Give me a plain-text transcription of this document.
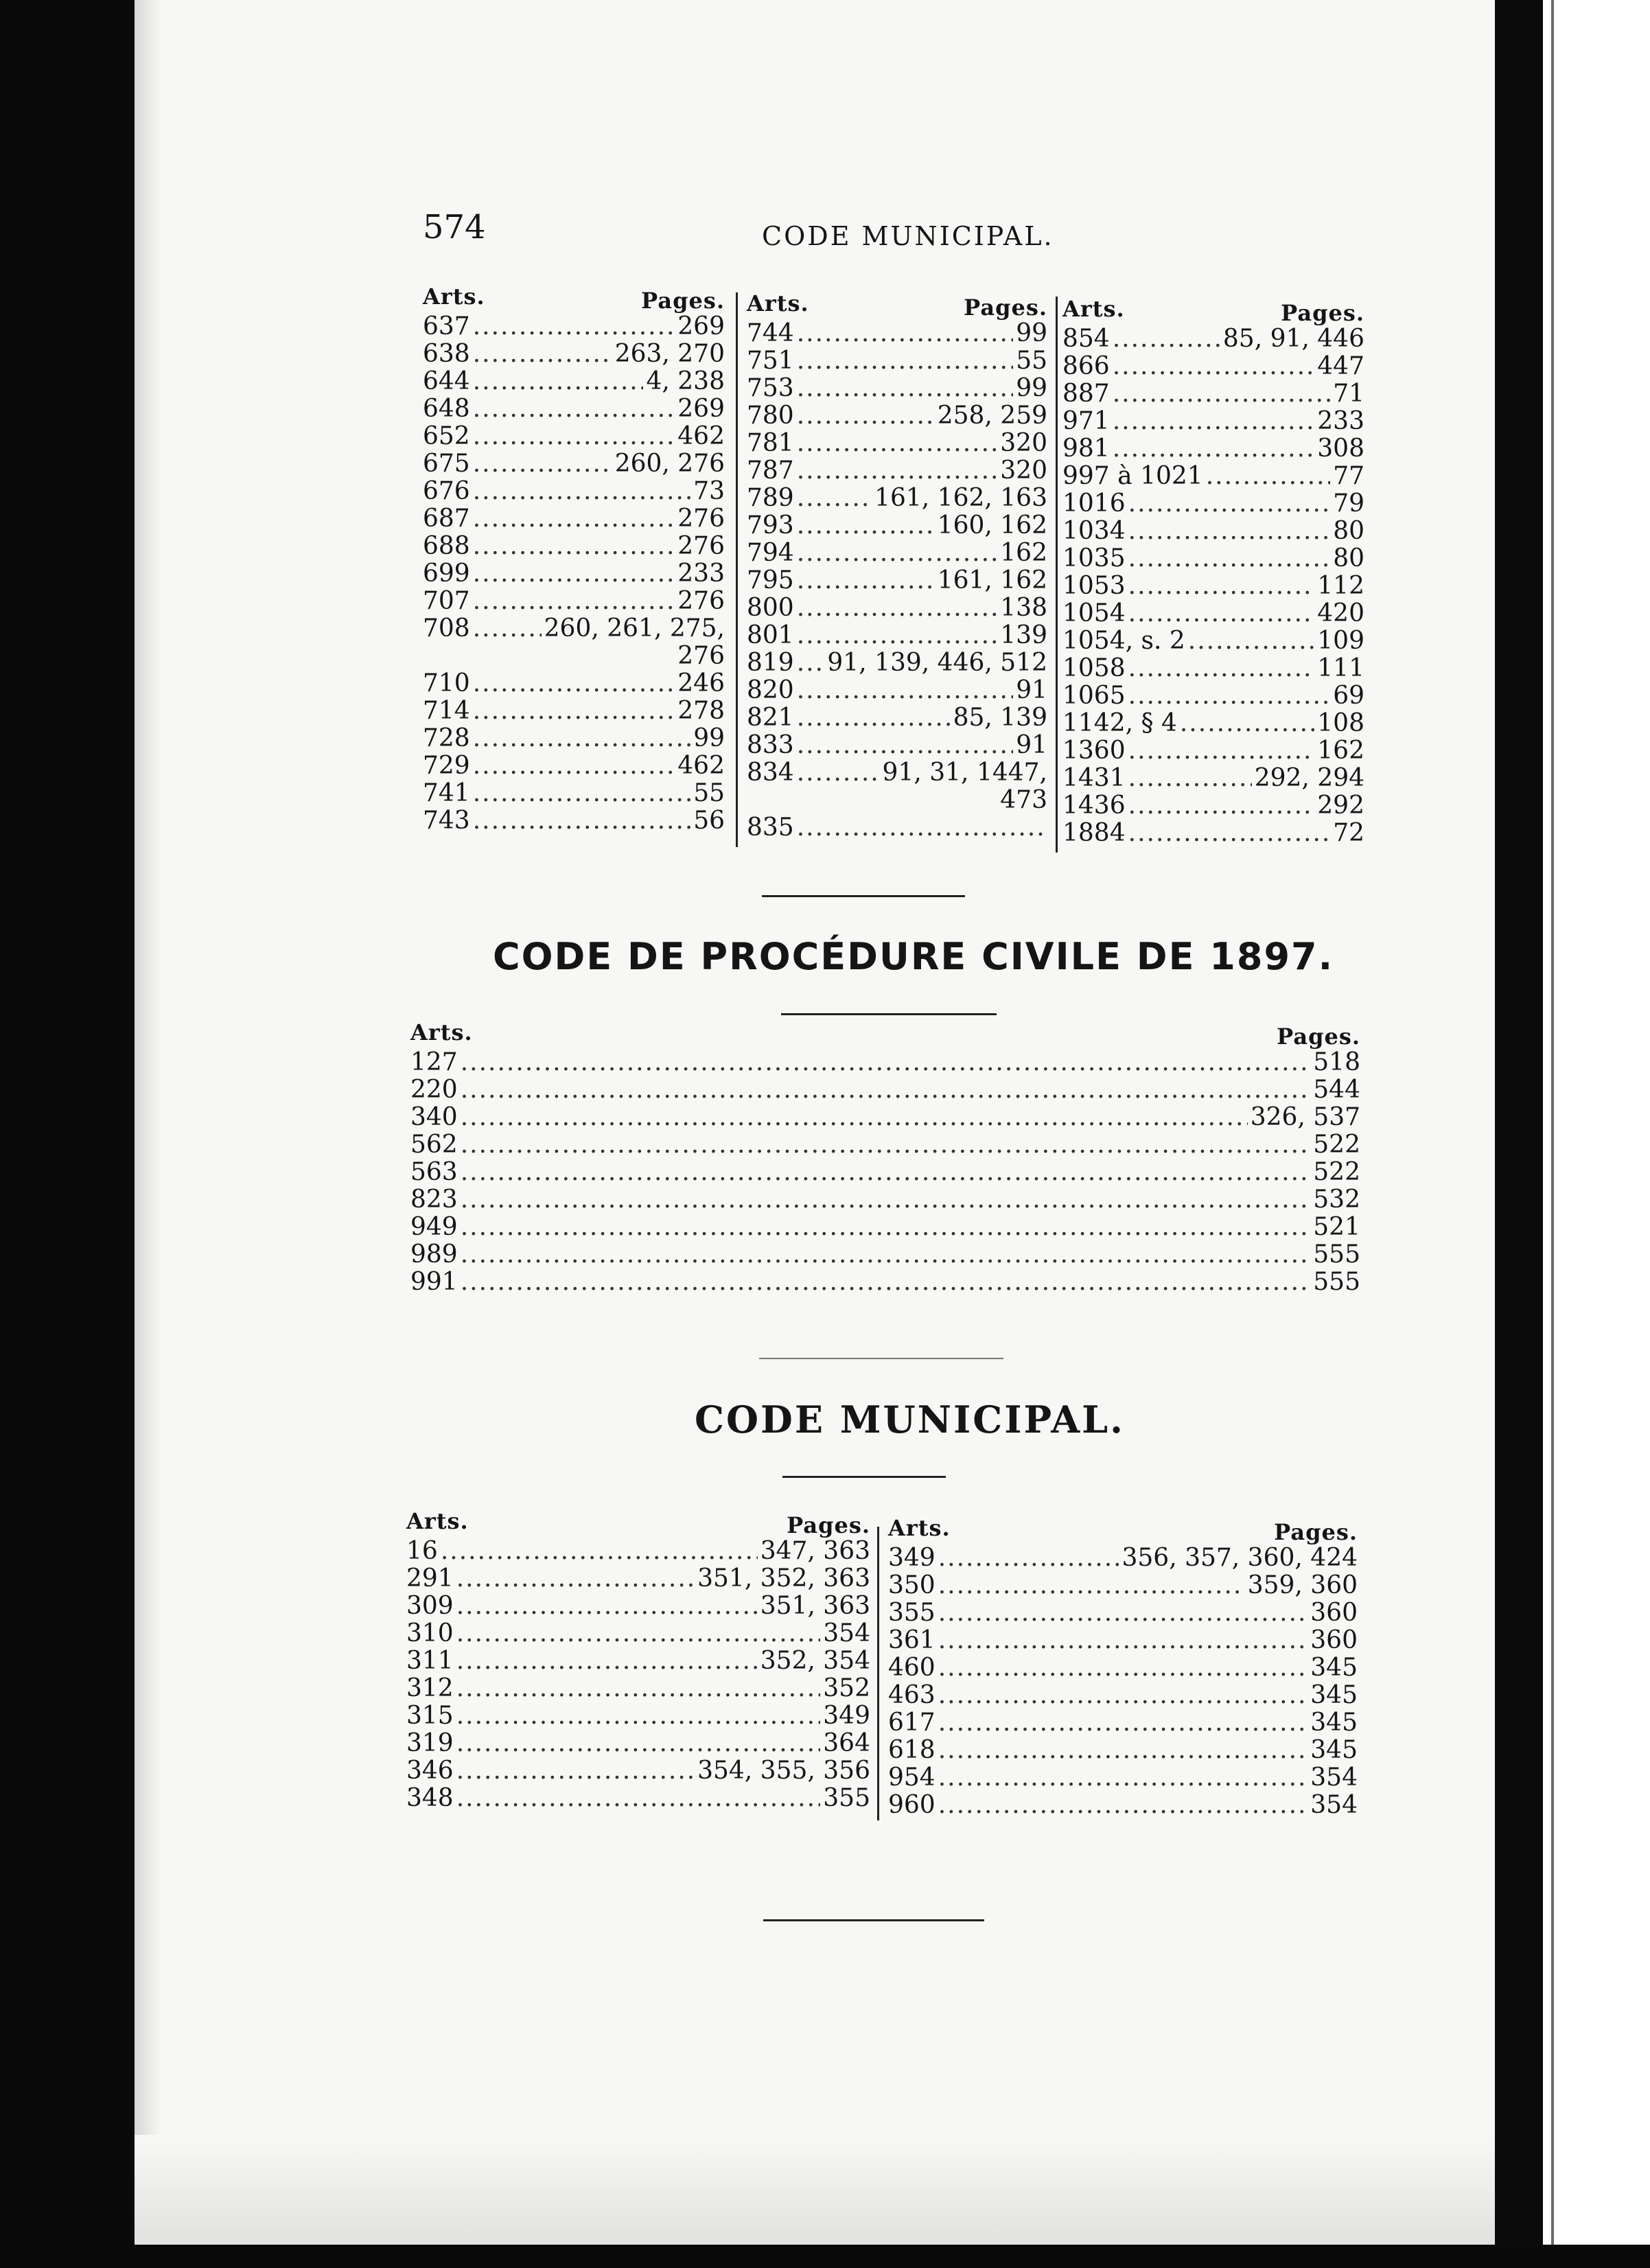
574	CODE MUNICIPAL.
Arts.	Pages.
637 .....	269
638 .....	263, 270
644 .....	4, 238
648 .....	269
652 .....	462
675 .....	260, 276
676 .....	73
687 .....	276
688 .....	276
699 .....	233
707 .....	276
708 .....	260, 261, 275,
276
710 .....	246
714 .....	278
728 .....	99
729 .....	462
741 .....	55
743 .....	56
Arts.	Pages.
744 .....	99
751 .....	55
753 .....	99
780 .....	258, 259
781 .....	320
787 .....	320
789 .....	161, 162, 163
793 .....	160, 162
794 .....	162
795 .....	161, 162
800 .....	138
801 .....	139
819 ..... 91, 139, 446, 512
820 .....	91
821 .....	85, 139
833 .....	91
834 .....	91, 31, 1447,
473
835
.....
Arts.	Pages.
854 .....	85, 91, 446
866 .....	447
887 .....	71
971 .....	233
981 .....	308
997 à 1021 .....	77
1016 .....	79
1034 .....	80
1035 .....	80
1053 .....	112
1054 .....	420
1054, s. 2 .....	109
1058 .....	111
1065 .....	69
1142, § 4 .....	108
1360 .....	162
1431 .....	292, 294
1436 .....	292
1884 .....	72
CODE DE PROCÉDURE CIVILE DE 1897.
Arts.	Pages.
127 .....	518
220 .....	544
340 .....	326, 537
562 .....	522
563 .....	522
823 .....	532
949 .....	521
989 .....	555
991 .....	555
CODE MUNICIPAL.
Arts.	Pages.
16 .....	347, 363
291 .....	351, 352, 363
309 .....	351, 363
310 .....	354
311 .....	352, 354
312 .....	352
315 .....	349
319 .....	364
346 .....	354, 355, 356
348 .....	355
Arts.	Pages.
349 .....	356, 357, 360, 424
350 .....	359, 360
355 .....	360
361 .....	360
460 .....	345
463 .....	345
617 .....	345
618 .....	345
954 .....	354
960 .....	354
